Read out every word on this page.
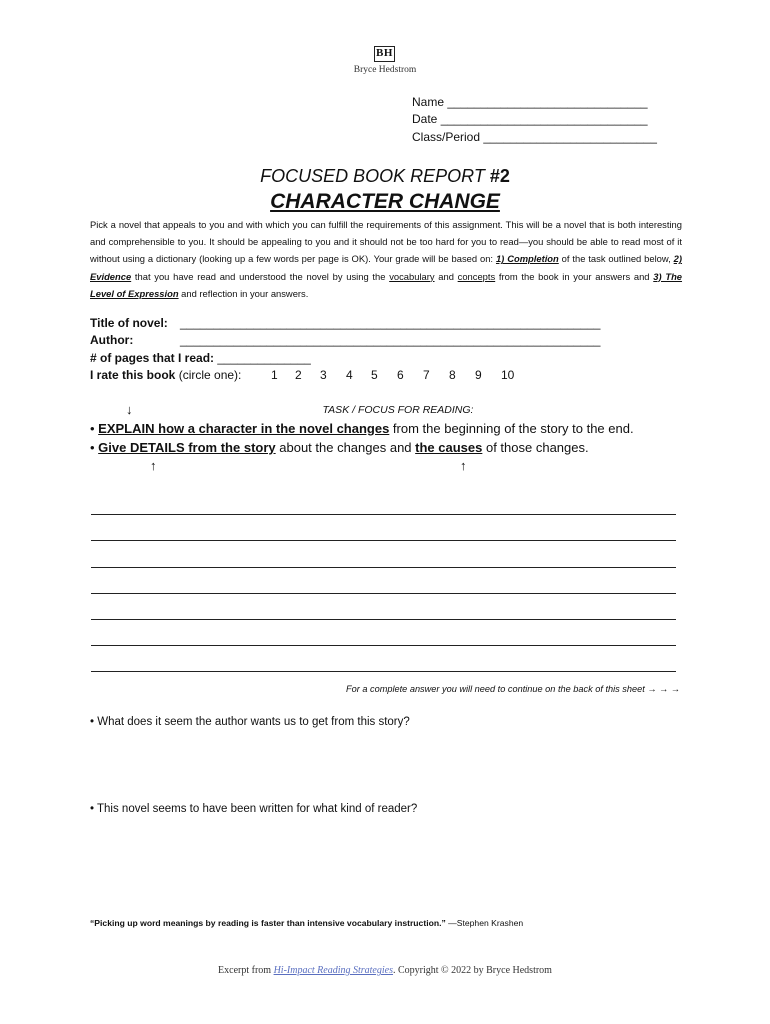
BH
Bryce Hedstrom
Name ______________________________
Date _______________________________
Class/Period __________________________
FOCUSED BOOK REPORT #2
CHARACTER CHANGE
Pick a novel that appeals to you and with which you can fulfill the requirements of this assignment. This will be a novel that is both interesting and comprehensible to you. It should be appealing to you and it should not be too hard for you to read—you should be able to read most of it without using a dictionary (looking up a few words per page is OK). Your grade will be based on: 1) Completion of the task outlined below, 2) Evidence that you have read and understood the novel by using the vocabulary and concepts from the book in your answers and 3) The Level of Expression and reflection in your answers.
Title of novel: _______________________________________________________________
Author:	_______________________________________________________________
# of pages that I read: ______________
I rate this book (circle one): 1 2 3 4 5 6 7 8 9 10
↓	TASK / FOCUS FOR READING:
• EXPLAIN how a character in the novel changes from the beginning of the story to the end.
• Give DETAILS from the story about the changes and the causes of those changes.
↑	↑
For a complete answer you will need to continue on the back of this sheet → → →
• What does it seem the author wants us to get from this story?
• This novel seems to have been written for what kind of reader?
“Picking up word meanings by reading is faster than intensive vocabulary instruction.” —Stephen Krashen
Excerpt from Hi-Impact Reading Strategies. Copyright © 2022 by Bryce Hedstrom
